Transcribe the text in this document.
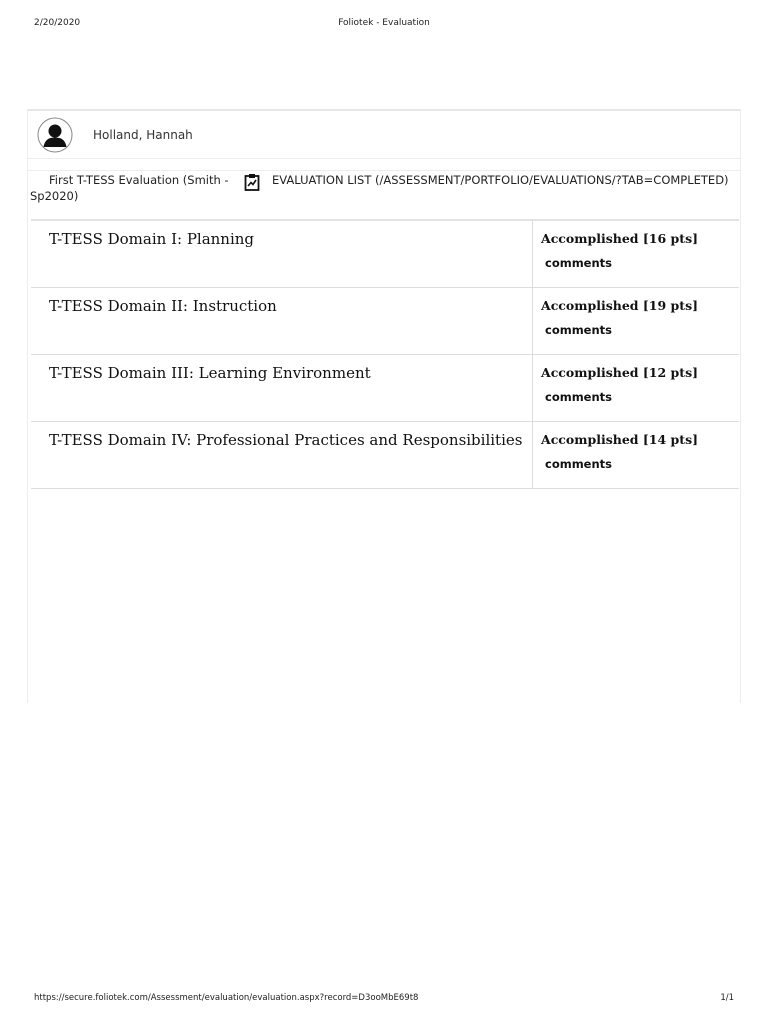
2/20/2020	Foliotek - Evaluation
Holland, Hannah
First T-TESS Evaluation (Smith - Sp2020)
EVALUATION LIST (/ASSESSMENT/PORTFOLIO/EVALUATIONS/?TAB=COMPLETED)
T-TESS Domain I: Planning	Accomplished [16 pts]
comments

T-TESS Domain II: Instruction	Accomplished [19 pts]
comments

T-TESS Domain III: Learning Environment	Accomplished [12 pts]
comments

T-TESS Domain IV: Professional Practices and Responsibilities	Accomplished [14 pts]
comments
https://secure.foliotek.com/Assessment/evaluation/evaluation.aspx?record=D3ooMbE69t8	1/1
